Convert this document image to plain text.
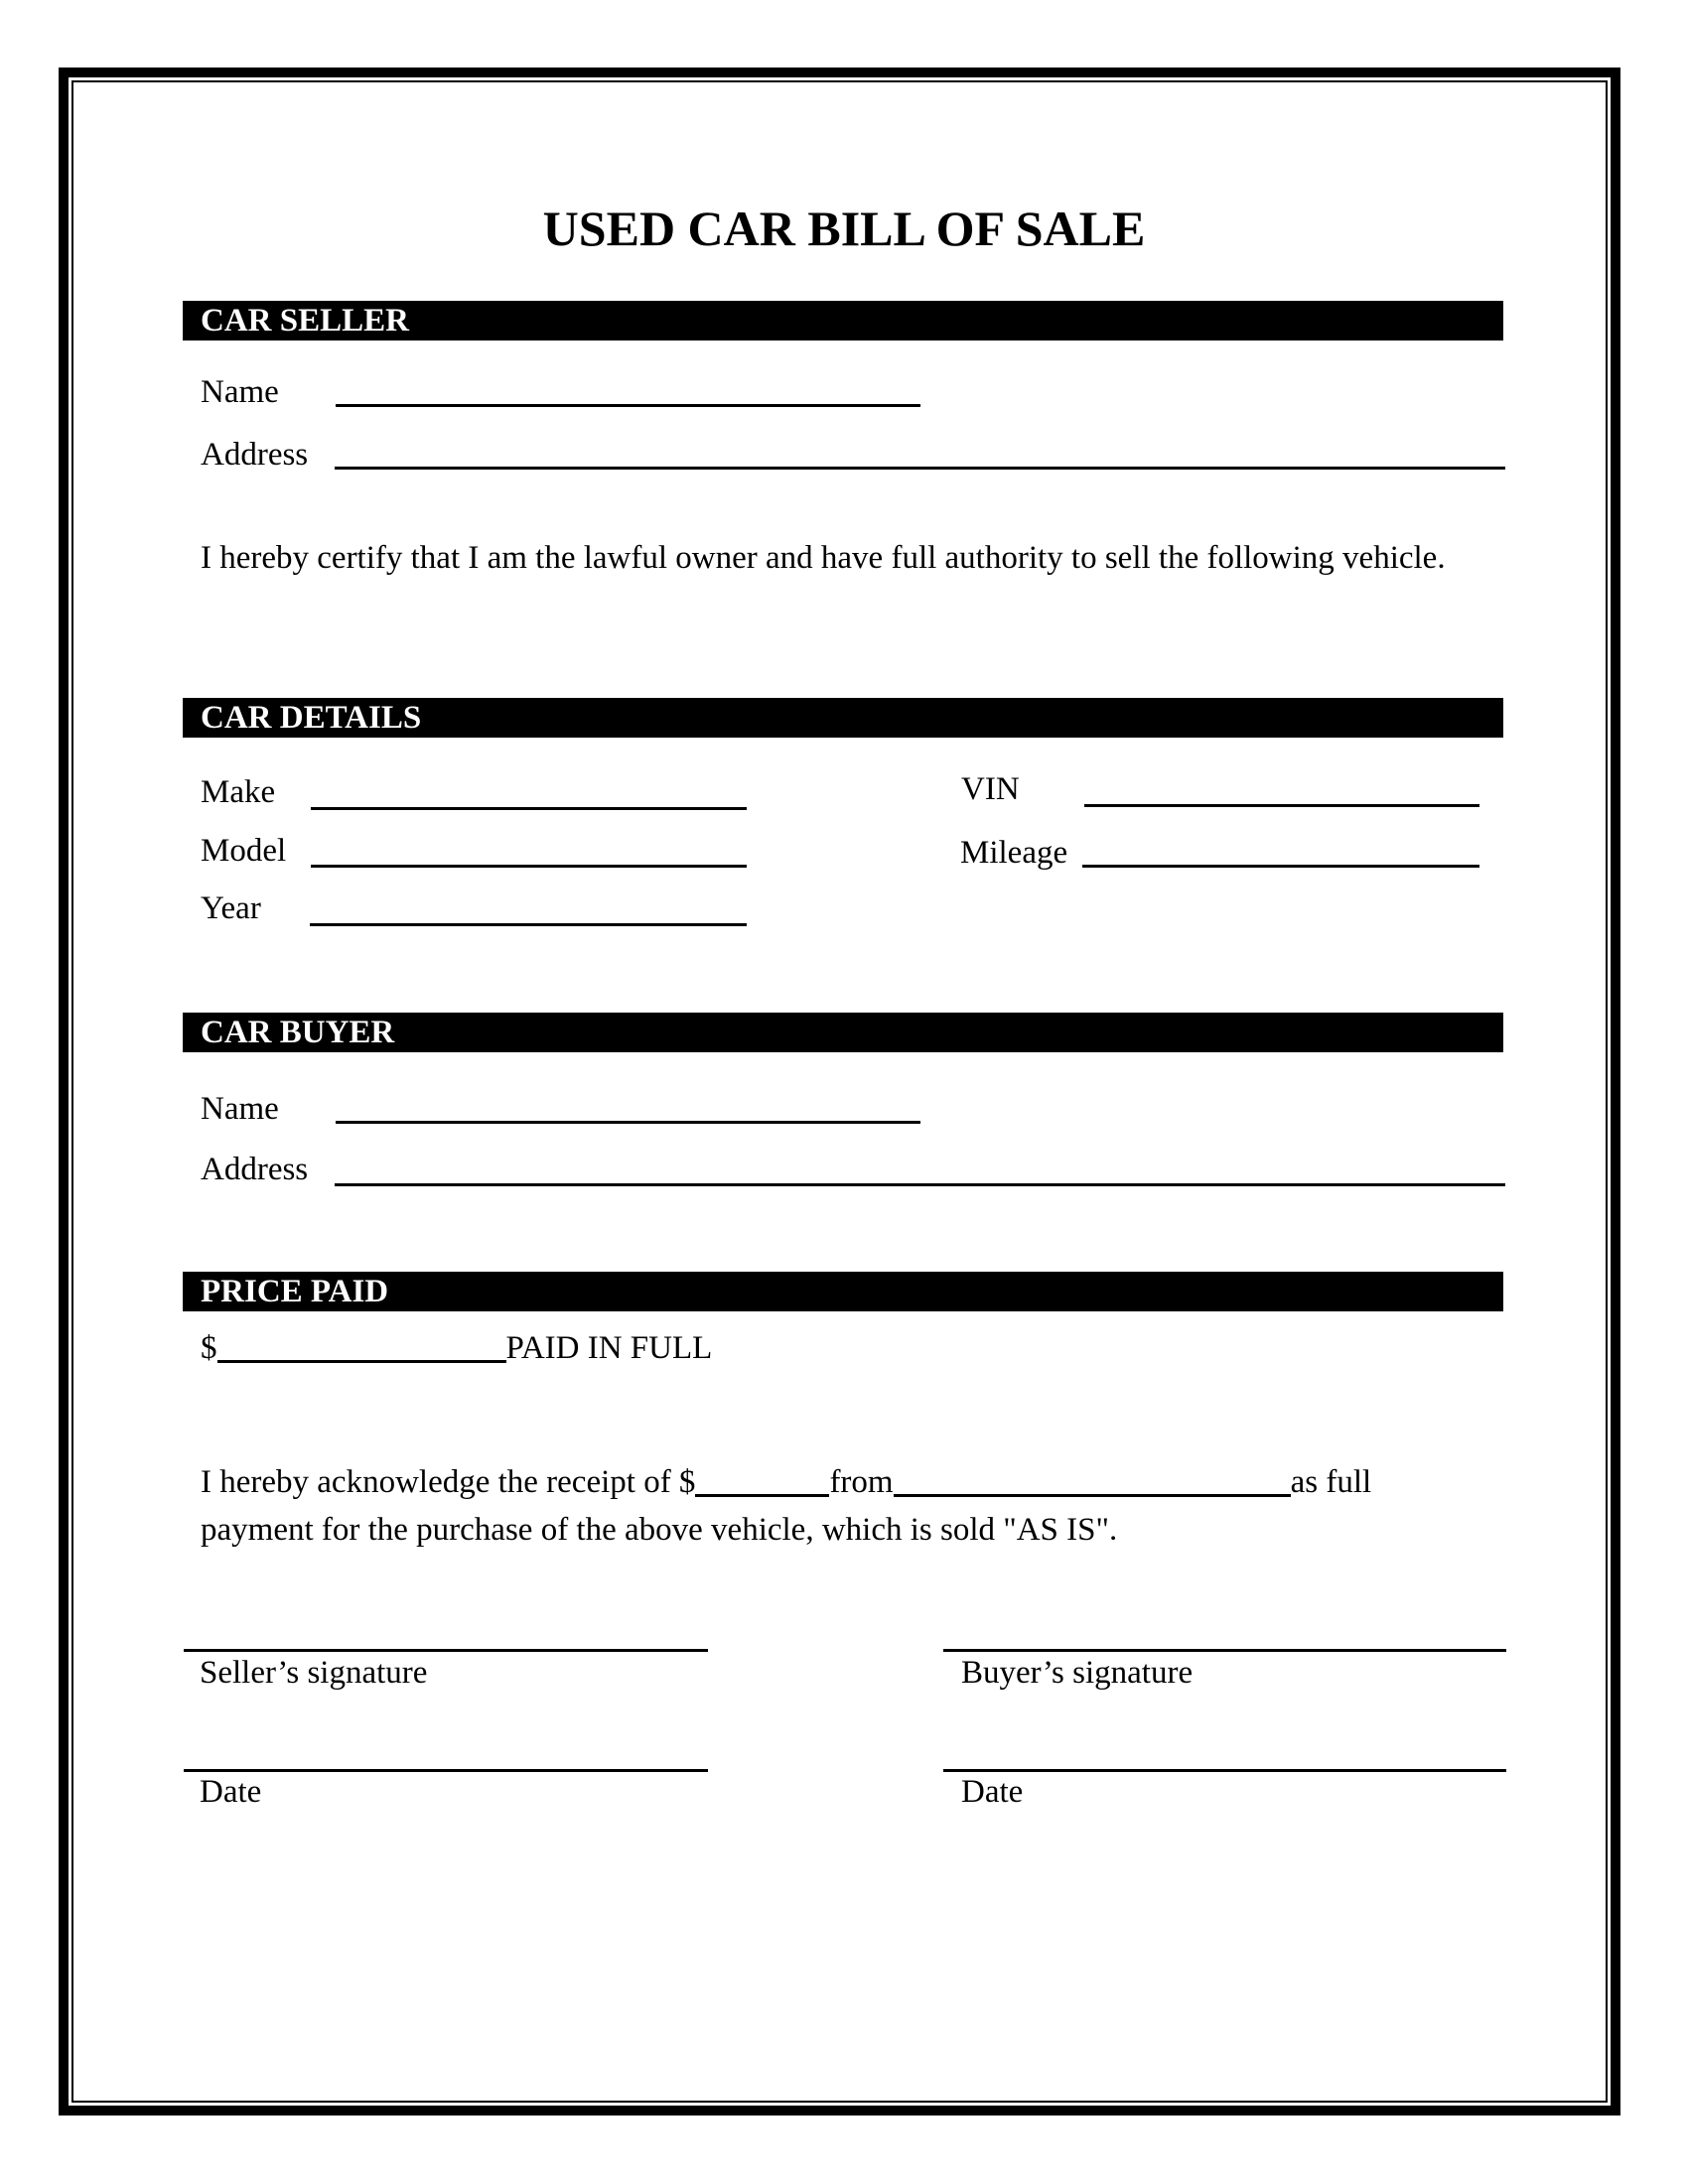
USED CAR BILL OF SALE
CAR SELLER
Name
Address
I hereby certify that I am the lawful owner and have full authority to sell the following vehicle.
CAR DETAILS
Make
Model
Year
VIN
Mileage
CAR BUYER
Name
Address
PRICE PAID
$	PAID IN FULL
I hereby acknowledge the receipt of $	from	as full
payment for the purchase of the above vehicle, which is sold "AS IS".
Seller’s signature	Buyer’s signature
Date	Date
